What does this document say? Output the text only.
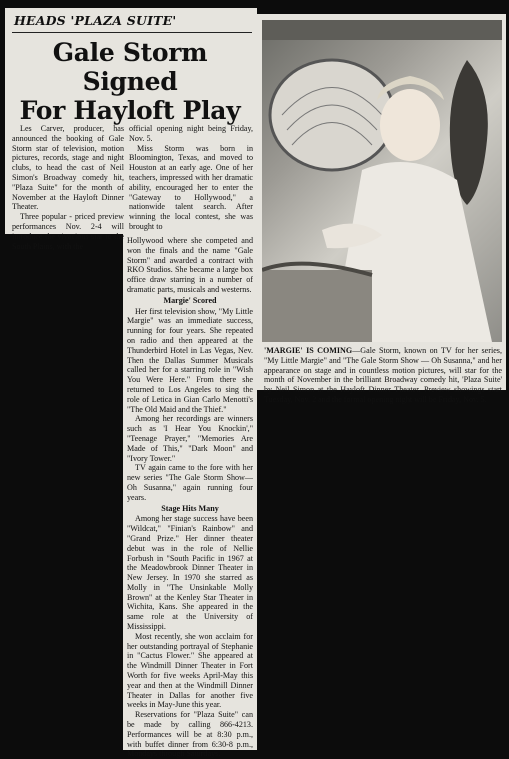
HEADS 'PLAZA SUITE'
Gale Storm Signed
For Hayloft Play

Les Carver, producer, has announced the booking of Gale Storm star of television, motion pictures, records, stage and night clubs, to head the cast of Neil Simon's Broadway comedy hit, "Plaza Suite" for the month of November at the Hayloft Dinner Theater.

Three popular - priced preview performances Nov. 2-4 will introduce the vivacious star to the South Plains, with the

official opening night being Friday, Nov. 5.

Miss Storm was born in Bloomington, Texas, and moved to Houston at an early age. One of her teachers, impressed with her dramatic ability, encouraged her to enter the "Gateway to Hollywood," a nationwide talent search. After winning the local contest, she was brought to

Hollywood where she competed and won the finals and the name "Gale Storm" and awarded a contract with RKO Studios. She became a large box office draw starring in a number of dramatic parts, musicals and westerns.

Margie' Scored

Her first television show, "My Little Margie" was an immediate success, running for four years. She repeated on radio and then appeared at the Thunderbird Hotel in Las Vegas, Nev. Then the Dallas Summer Musicals called her for a starring role in "Wish You Were Here." From there she returned to Los Angeles to sing the role of Letica in Gian Carlo Menotti's "The Old Maid and the Thief."

Among her recordings are winners such as 'I Hear You Knockin'," "Teenage Prayer," "Memories Are Made of This," "Dark Moon" and "Ivory Tower."

TV again came to the fore with her new series "The Gale Storm Show—Oh Susanna," again running four years.

Stage Hits Many

Among her stage success have been "Wildcat," "Finian's Rainbow" and "Grand Prize." Her dinner theater debut was in the role of Nellie Forbush in "South Pacific in 1967 at the Meadowbrook Dinner Theater in New Jersey. In 1970 she starred as Molly in "The Unsinkable Molly Brown" at the Kenley Star Theater in Wichita, Kans. She appeared in the same role at the University of Mississippi.

Most recently, she won acclaim for her outstanding portrayal of Stephanie in "Cactus Flower." She appeared at the Windmill Dinner Theater in Fort Worth for five weeks April-May this year and then at the Windmill Dinner Theater in Dallas for another five weeks in May-June this year.

Reservations for "Plaza Suite" can be made by calling 866-4213. Performances will be at 8:30 p.m., with buffet dinner from 6:30-8 p.m., Mondays through Saturdays.

'MARGIE' IS COMING—Gale Storm, known on TV for her series, "My Little Margie" and "The Gale Storm Show — Oh Susanna," and her appearance on stage and in countless motion pictures, will star for the month of November in the brilliant Broadway comedy hit, 'Plaza Suite' by Neil Simon at the Hayloft Dinner Theater. Preview showings start Tuesday, Nov. 2 and the formal opening night will be Friday, Nov. 5.
